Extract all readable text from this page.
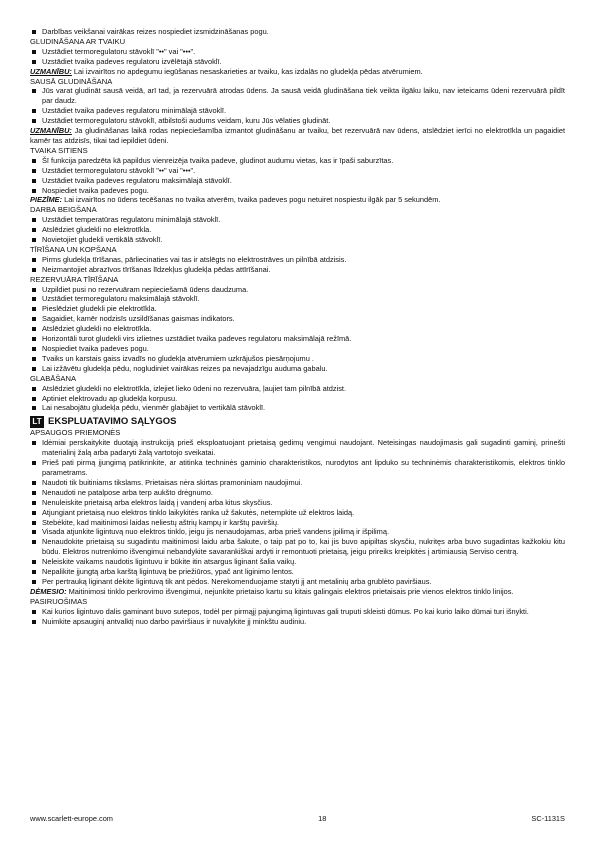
Darbības veikšanai vairākas reizes nospiediet izsmidzināšanas pogu.
GLUDINĀŠANA AR TVAIKU
Uzstādiet termoregulatoru stāvoklī "••" vai "•••".
Uzstādiet tvaika padeves regulatoru izvēlētajā stāvoklī.
UZMANĪBU: Lai izvairītos no apdegumu iegūšanas nesaskarieties ar tvaiku, kas izdalās no gludekļa pēdas atvērumiem.
SAUSĀ GLUDINĀŠANA
Jūs varat gludināt sausā veidā, arī tad, ja rezervuārā atrodas ūdens. Ja sausā veidā gludināšana tiek veikta ilgāku laiku, nav ieteicams ūdeni rezervuārā pildīt par daudz.
Uzstādiet tvaika padeves regulatoru minimālajā stāvoklī.
Uzstādiet termoregulatoru stāvoklī, atbilstoši audums veidam, kuru Jūs vēlaties gludināt.
UZMANĪBU: Ja gludināšanas laikā rodas nepieciešamība izmantot gludināšanu ar tvaiku, bet rezervuārā nav ūdens, atslēdziet ierīci no elektrotīkla un pagaidiet kamēr tas atdzisīs, tikai tad iepildiet ūdeni.
TVAIKA SITIENS
Šī funkcija paredzēta kā papildus vienreizēja tvaika padeve, gludinot audumu vietas, kas ir īpaši saburzītas.
Uzstādiet termoregulatoru stāvoklī "••" vai "•••".
Uzstādiet tvaika padeves regulatoru maksimālajā stāvoklī.
Nospiediet tvaika padeves pogu.
PIEZĪME: Lai izvairītos no ūdens tecēšanas no tvaika atverēm, tvaika padeves pogu netuiret nospiestu ilgāk par 5 sekundēm.
DARBA BEIGŠANA
Uzstādiet temperatūras regulatoru minimālajā stāvoklī.
Atslēdziet gludekli no elektrotīkla.
Novietojiet gludekli vertikālā stāvoklī.
TĪRĪŠANA UN KOPŠANA
Pirms gludekļa tīrīšanas, pārliecinaties vai tas ir atslēgts no elektrostrāves un pilnībā atdzisis.
Neizmantojiet abrazīvos tīrīšanas līdzekļus gludekļa pēdas attīrīšanai.
REZERVUĀRA TĪRĪŠANA
Uzpildiet pusi no rezervuāram nepieciešamā ūdens daudzuma.
Uzstādiet termoregulatoru maksimālajā stāvoklī.
Pieslēdziet gludekli pie elektrotīkla.
Sagaidiet, kamēr nodzisīs uzsildīšanas gaismas indikators.
Atslēdziet gludekli no elektrotīkla.
Horizontāli turot gludekli virs izlietnes uzstādiet tvaika padeves regulatoru maksimālajā režīmā.
Nospiediet tvaika padeves pogu.
Tvaiks un karstais gaiss izvadīs no gludekļa atvērumiem uzkrājušos piesārņojumu .
Lai izžāvētu gludekļa pēdu, nogludiniet vairākas reizes pa nevajadzīgu auduma gabalu.
GLABĀŠANA
Atslēdziet gludekli no elektrotīkla, izlejiet lieko ūdeni no rezervuāra, ļaujiet tam pilnībā atdzist.
Aptiniet elektrovadu ap gludekļa korpusu.
Lai nesabojātu gludekļa pēdu, vienmēr glabājiet to vertikālā stāvoklī.
LT EKSPLUATAVIMO SĄLYGOS
APSAUGOS PRIEMONĖS
Idėmiai perskaitykite duotąją instrukciją prieš eksploatuojant prietaisą gedimų vengimui naudojant. Neteisingas naudojimasis gali sugadinti gaminį, prinešti materialinį žalą arba padaryti žalą vartotojo sveikatai.
Prieš pati pirmą įjungimą patikrinkite, ar atitinka techninės gaminio charakteristikos, nurodytos ant lipduko su techninėmis charakteristikomis, elektros tinklo parametrams.
Naudoti tik buitiniams tikslams. Prietaisas nėra skirtas pramoniniam naudojimui.
Nenaudoti ne patalpose arba terp aukšto drėgnumo.
Nenuleiskite prietaisą arba elektros laidą į vandenį arba kitus skysčius.
Atjungiant prietaisą nuo elektros tinklo laikykitės ranka už šakutės, netempkite už elektros laidą.
Stebėkite, kad maitinimosi laidas neliestų aštrių kampų ir karštų paviršių.
Visada atjunkite ligintuvą nuo elektros tinklo, jeigu jis nenaudojamas, arba prieš vandens įpilimą ir išpilimą.
Nenaudokite prietaisą su sugadintu maitinimosi laidu arba šakute, o taip pat po to, kai jis buvo apipiltas skysčiu, nukritęs arba buvo sugadintas kažkokiu kitu būdu. Elektros nutrenkimo išvengimui nebandykite savarankiškai ardyti ir remontuoti prietaisą, jeigu prireiks kreipkitės į artimiausią Serviso centrą.
Neleiskite vaikams naudotis ligintuvu ir būkite itin atsargus liginant šalia vaikų.
Nepalikite įjungtą arba karštą ligintuvą be priežiūros, ypač ant liginimo lentos.
Per pertrauką liginant dėkite ligintuvą tik ant pėdos. Nerekomenduojame statyti jį ant metalinių arba grublėto paviršiaus.
DĖMESIO: Maitinimosi tinklo perkrovimo išvengimui, nejunkite prietaiso kartu su kitais galingais elektros prietaisais prie vienos elektros tinklo linijos.
PASIRUOŠIMAS
Kai kurios ligintuvo dalis gaminant buvo sutepos, todėl per pirmąjį pajungimą ligintuvas gali truputi skleisti dūmus. Po kai kurio laiko dūmai turi išnykti.
Nuimkite apsauginį antvalktį nuo darbo paviršiaus ir nuvalykite jį minkštu audiniu.
www.scarlett-europe.com	18	SC-1131S
